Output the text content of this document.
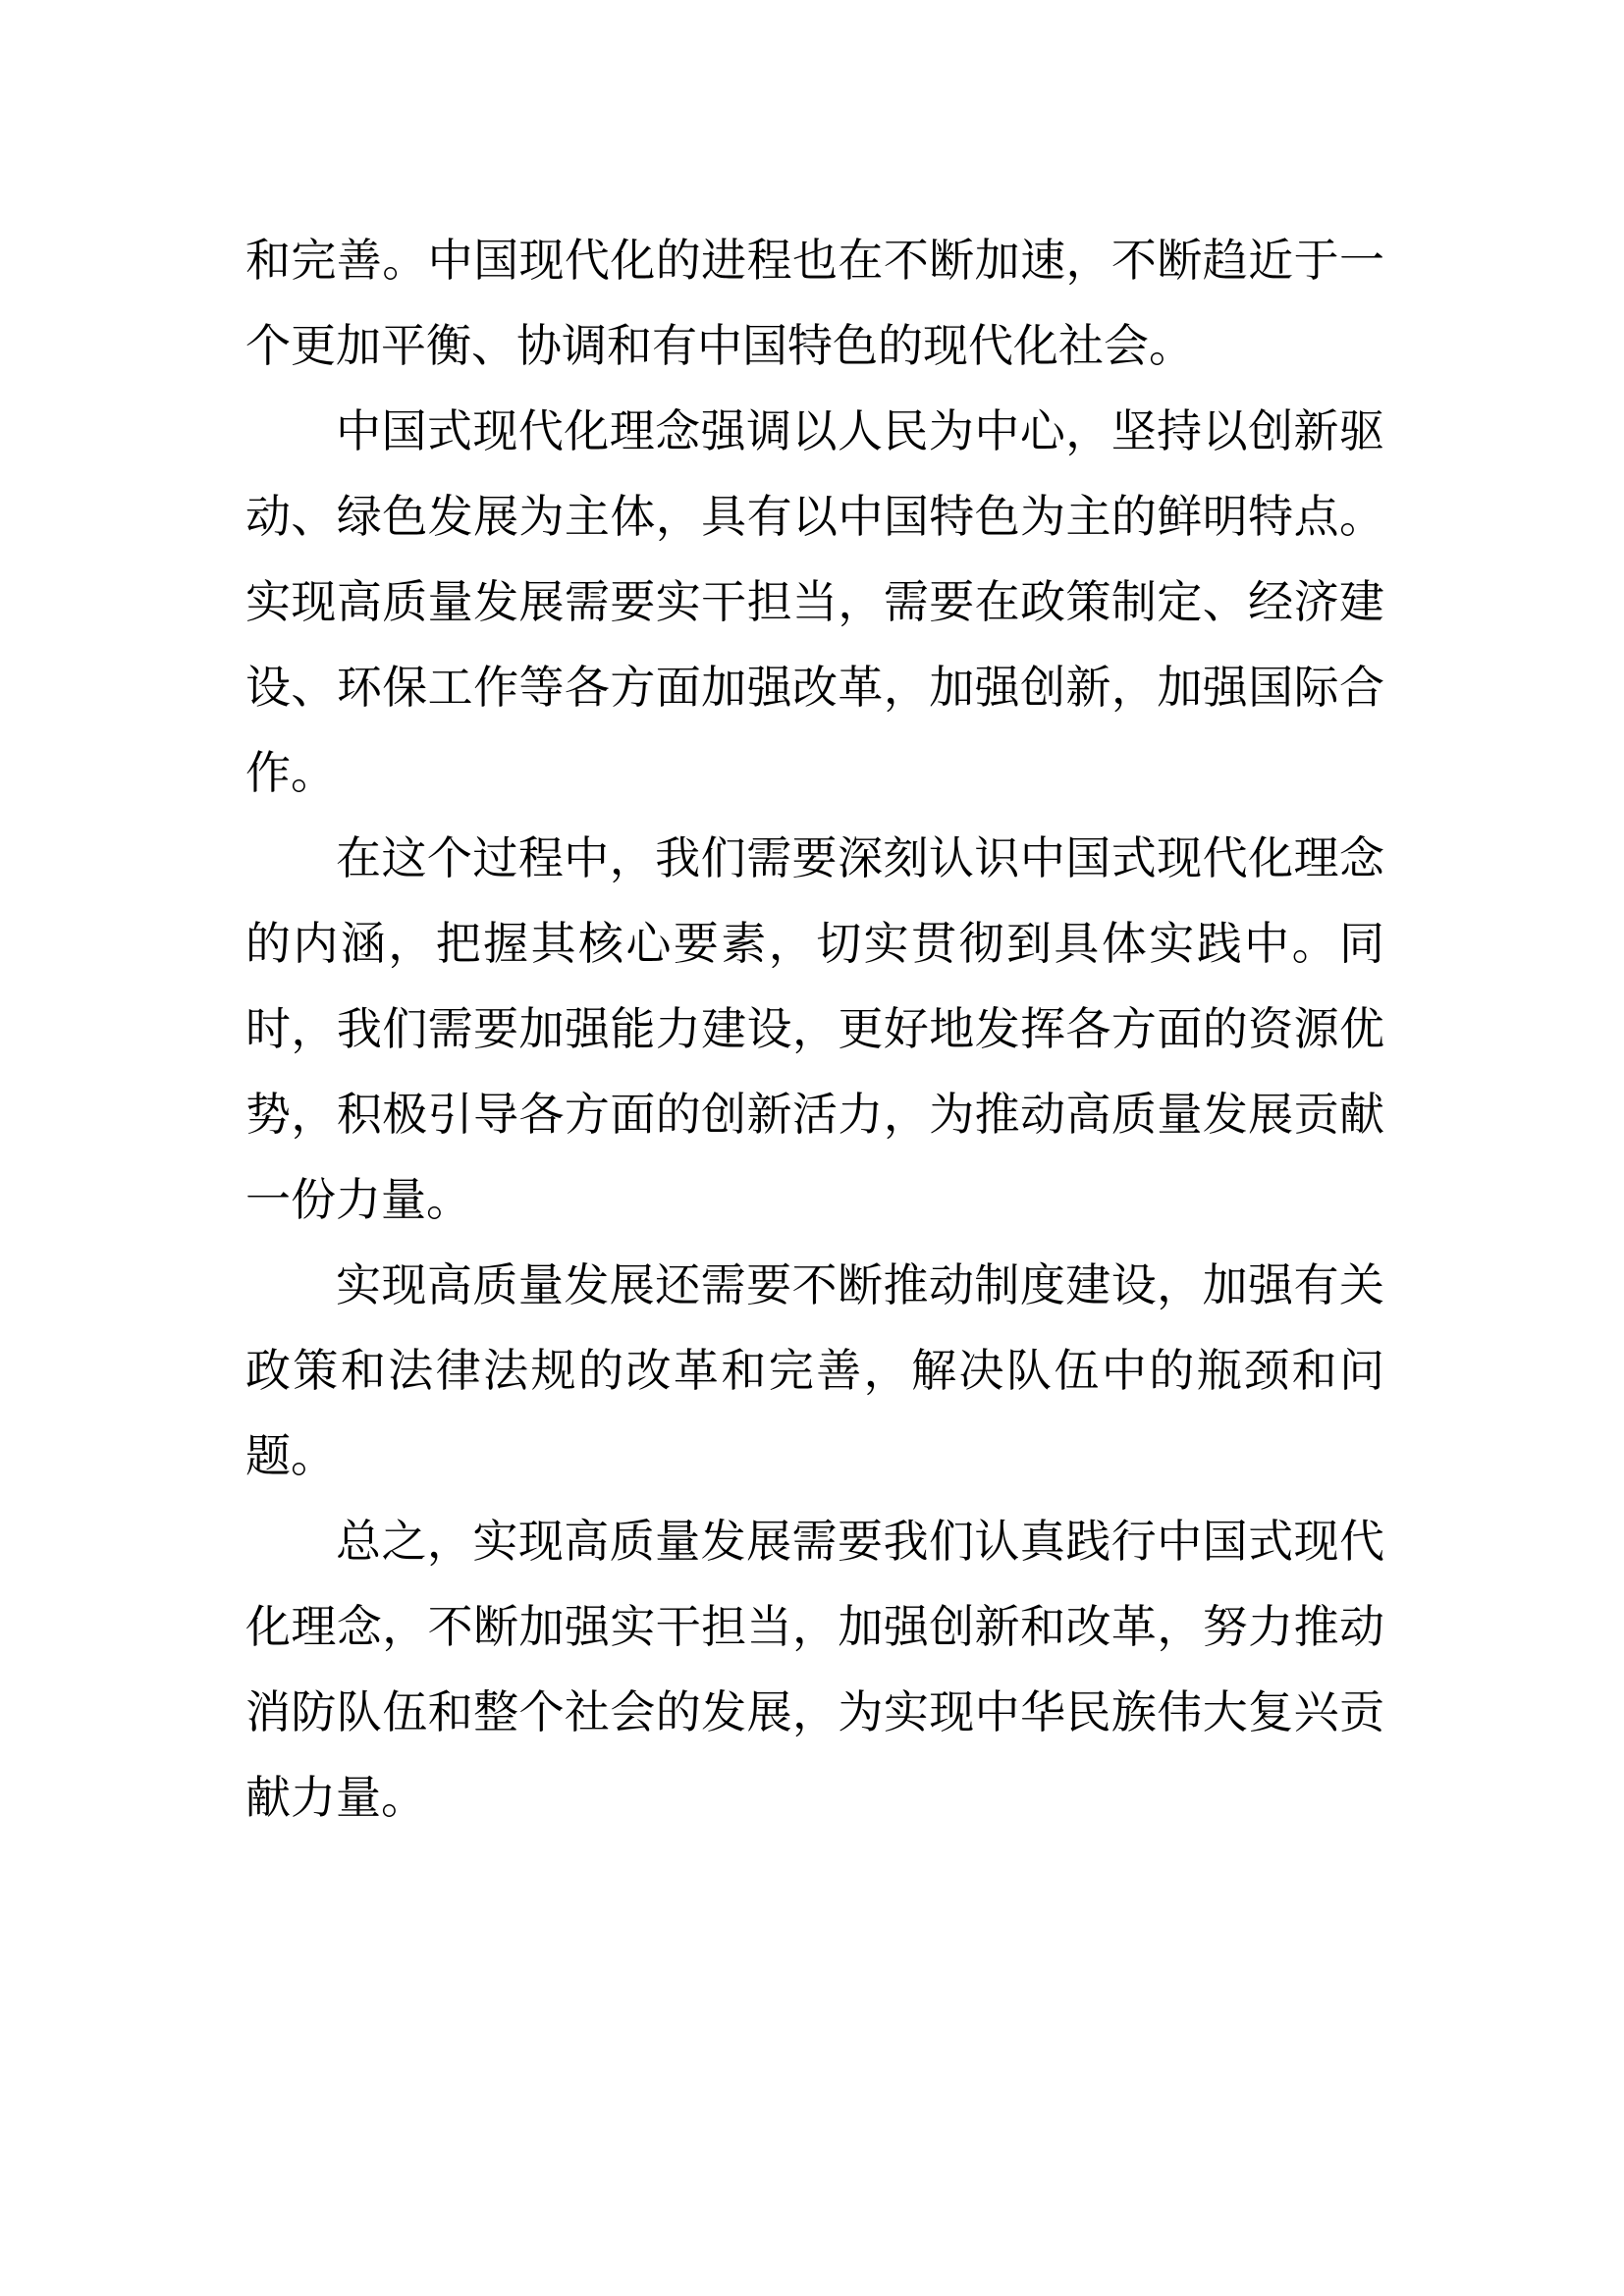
和完善。中国现代化的进程也在不断加速，不断趋近于一
个更加平衡、协调和有中国特色的现代化社会。
中国式现代化理念强调以人民为中心，坚持以创新驱
动、绿色发展为主体，具有以中国特色为主的鲜明特点。
实现高质量发展需要实干担当，需要在政策制定、经济建
设、环保工作等各方面加强改革，加强创新，加强国际合
作。
在这个过程中，我们需要深刻认识中国式现代化理念
的内涵，把握其核心要素，切实贯彻到具体实践中。同
时，我们需要加强能力建设，更好地发挥各方面的资源优
势，积极引导各方面的创新活力，为推动高质量发展贡献
一份力量。
实现高质量发展还需要不断推动制度建设，加强有关
政策和法律法规的改革和完善，解决队伍中的瓶颈和问
题。
总之，实现高质量发展需要我们认真践行中国式现代
化理念，不断加强实干担当，加强创新和改革，努力推动
消防队伍和整个社会的发展，为实现中华民族伟大复兴贡
献力量。
